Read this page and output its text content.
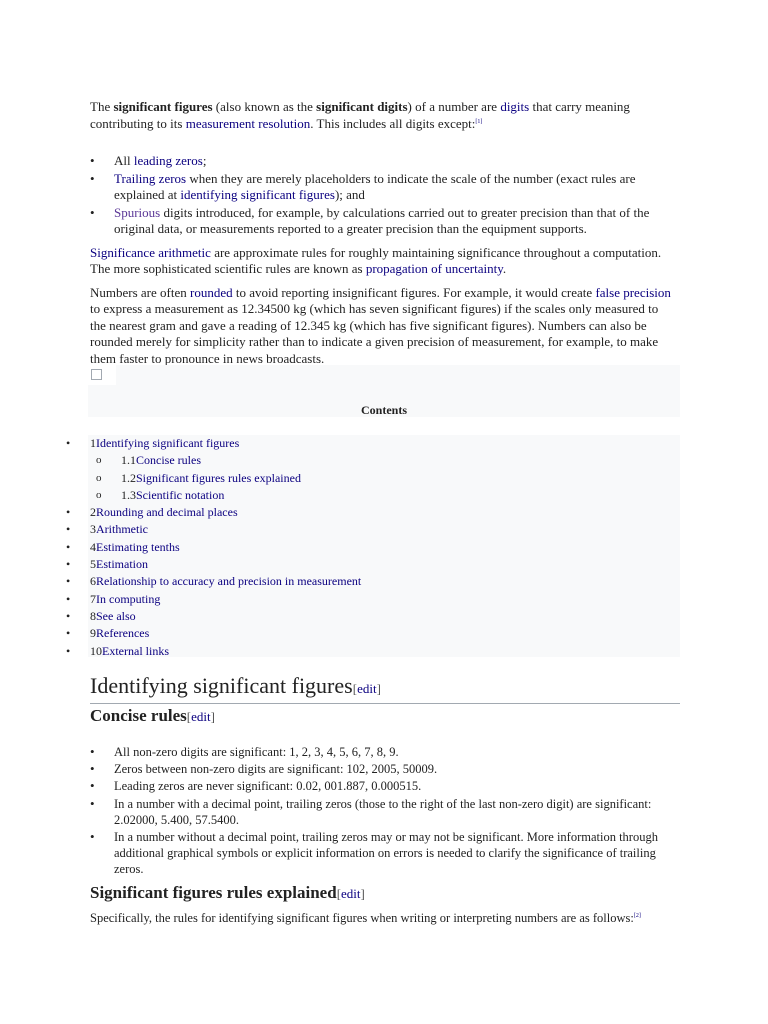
The significant figures (also known as the significant digits) of a number are digits that carry meaning contributing to its measurement resolution. This includes all digits except:[1]

• All leading zeros;
• Trailing zeros when they are merely placeholders to indicate the scale of the number (exact rules are explained at identifying significant figures); and
• Spurious digits introduced, for example, by calculations carried out to greater precision than that of the original data, or measurements reported to a greater precision than the equipment supports.

Significance arithmetic are approximate rules for roughly maintaining significance throughout a computation. The more sophisticated scientific rules are known as propagation of uncertainty.

Numbers are often rounded to avoid reporting insignificant figures. For example, it would create false precision to express a measurement as 12.34500 kg (which has seven significant figures) if the scales only measured to the nearest gram and gave a reading of 12.345 kg (which has five significant figures). Numbers can also be rounded merely for simplicity rather than to indicate a given precision of measurement, for example, to make them faster to pronounce in news broadcasts.

Contents
•	1Identifying significant figures
o	1.1Concise rules
o	1.2Significant figures rules explained
o	1.3Scientific notation
•	2Rounding and decimal places
•	3Arithmetic
•	4Estimating tenths
•	5Estimation
•	6Relationship to accuracy and precision in measurement
•	7In computing
•	8See also
•	9References
•	10External links
Identifying significant figures[edit]
Concise rules[edit]
• All non-zero digits are significant: 1, 2, 3, 4, 5, 6, 7, 8, 9.
• Zeros between non-zero digits are significant: 102, 2005, 50009.
• Leading zeros are never significant: 0.02, 001.887, 0.000515.
• In a number with a decimal point, trailing zeros (those to the right of the last non-zero digit) are significant: 2.02000, 5.400, 57.5400.
• In a number without a decimal point, trailing zeros may or may not be significant. More information through additional graphical symbols or explicit information on errors is needed to clarify the significance of trailing zeros.
Significant figures rules explained[edit]

Specifically, the rules for identifying significant figures when writing or interpreting numbers are as follows:[2]
